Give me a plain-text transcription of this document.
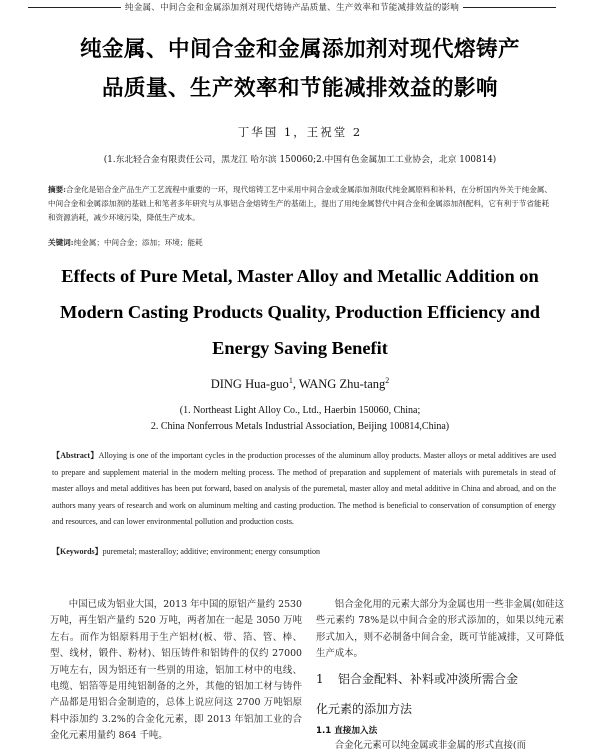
纯金属、中间合金和金属添加剂对现代熔铸产品质量、生产效率和节能减排效益的影响
纯金属、中间合金和金属添加剂对现代熔铸产
品质量、生产效率和节能减排效益的影响
丁华国 1，王祝堂 2
(1.东北轻合金有限责任公司，黑龙江 哈尔滨 150060;2.中国有色金属加工工业协会，北京 100814)
摘要:合金化是铝合金产品生产工艺流程中重要的一环，现代熔铸工艺中采用中间合金或金属添加剂取代纯金属原料和补料，在分析国内外关于纯金属、中间合金和金属添加剂的基础上和笔者多年研究与从事铝合金熔铸生产的基础上，提出了用纯金属替代中间合金和金属添加剂配料，它有利于节省能耗和资源消耗，减少环境污染，降低生产成本。
关键词:纯金属；中间合金；添加；环境；能耗
Effects of Pure Metal, Master Alloy and Metallic Addition on
Modern Casting Products Quality, Production Efficiency and
Energy Saving Benefit
DING Hua-guo$^1$, WANG Zhu-tang$^2$
(1. Northeast Light Alloy Co., Ltd., Haerbin 150060, China;
2. China Nonferrous Metals Industrial Association, Beijing 100814,China)
【Abstract】Alloying is one of the important cycles in the production processes of the aluminum alloy products. Master alloys or metal additives are used to prepare and supplement material in the modern melting process. The method of preparation and supplement of materials with puremetals in stead of master alloys and metal additives has been put forward, based on analysis of the puremetal, master alloy and metal additive in China and abroad, and on the authors many years of research and work on aluminum melting and casting production. The method is beneficial to conservation of consumption of energy and resources, and can lower environmental pollution and production costs.
【Keywords】puremetal; masteralloy; additive; environment; energy consumption
中国已成为铝业大国，2013 年中国的原铝产量约 2530 万吨，再生铝产量约 520 万吨，两者加在一起是 3050 万吨左右。而作为铝原料用于生产铝材(板、带、箔、管、棒、型、线材，锻件、粉材)、铝压铸件和铝铸件的仅约 27000 万吨左右，因为铝还有一些别的用途，铝加工材中的电线、电缆、铝箔等是用纯铝制备的之外，其他的铝加工材与铸件产品都是用铝合金制造的，总体上说应问这 2700 万吨铝原料中添加约 3.2%的合金化元素，即 2013 年铝加工业的合金化元素用量约 864 千吨。
铝合金化用的元素大部分为金属也用一些非金属(如硅这些元素约 78%是以中间合金的形式添加的，如果以纯元素形式加入，则不必制备中间合金，既可节能减排，又可降低生产成本。
1 铝合金配料、补料或冲淡所需合金
化元素的添加方法
1.1 直接加入法
合金化元素可以纯金属或非金属的形式直接(而
